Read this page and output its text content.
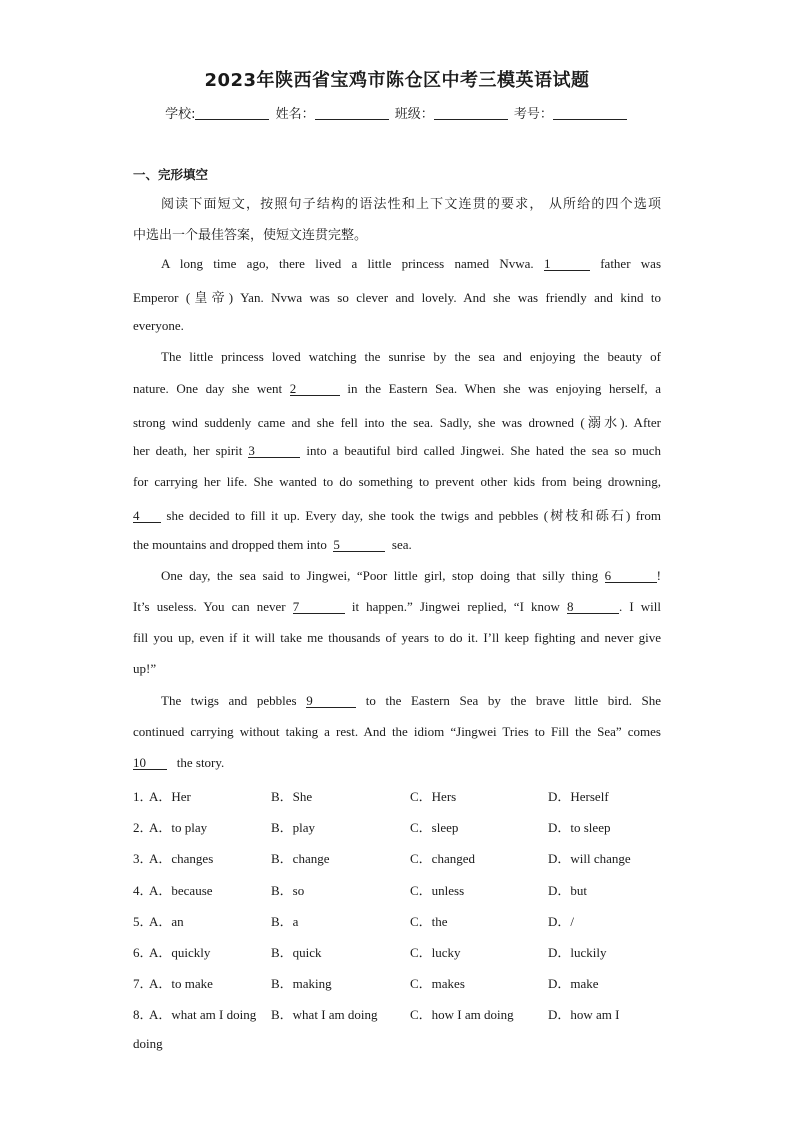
2023年陕西省宝鸡市陈仓区中考三模英语试题
学校:	姓名：	班级：	考号：
一、完形填空
阅读下面短文，按照句子结构的语法性和上下文连贯的要求， 从所给的四个选项
中选出一个最佳答案，使短文连贯完整。
A long time ago, there lived a little princess named Nvwa. 1	father was
Emperor (皇帝) Yan. Nvwa was so clever and lovely. And she was friendly and kind to
everyone.
The little princess loved watching the sunrise by the sea and enjoying the beauty of
nature. One day she went 2	in the Eastern Sea. When she was enjoying herself, a
strong wind suddenly came and she fell into the sea. Sadly, she was drowned (溺水). After
her death, her spirit 3	into a beautiful bird called Jingwei. She hated the sea so much
for carrying her life. She wanted to do something to prevent other kids from being drowning,
4 she decided to fill it up. Every day, she took the twigs and pebbles (树枝和砾石) from
the mountains and dropped them into 5	sea.
One day, the sea said to Jingwei, “Poor little girl, stop doing that silly thing 6	!
It’s useless. You can never 7	it happen.” Jingwei replied, “I know 8	. I will
fill you up, even if it will take me thousands of years to do it. I’ll keep fighting and never give
up!”
The twigs and pebbles 9	to the Eastern Sea by the brave little bird. She
continued carrying without taking a rest. And the idiom “Jingwei Tries to Fill the Sea” comes
10 the story.
1．
A．Her	B．She	C．Hers	D．Herself
2．
A．to play	B．play	C．sleep	D．to sleep
3．
A．changes	B．change	C．changed	D．will change
4．
A．because	B．so	C．unless	D．but
5．
A．an	B．a	C．the	D．/
6．
A．quickly	B．quick	C．lucky	D．luckily
7．
A．to make	B．making	C．makes	D．make
8．
A．what am I doing B．what I am doing C．how I am doing	D．how am I
doing
